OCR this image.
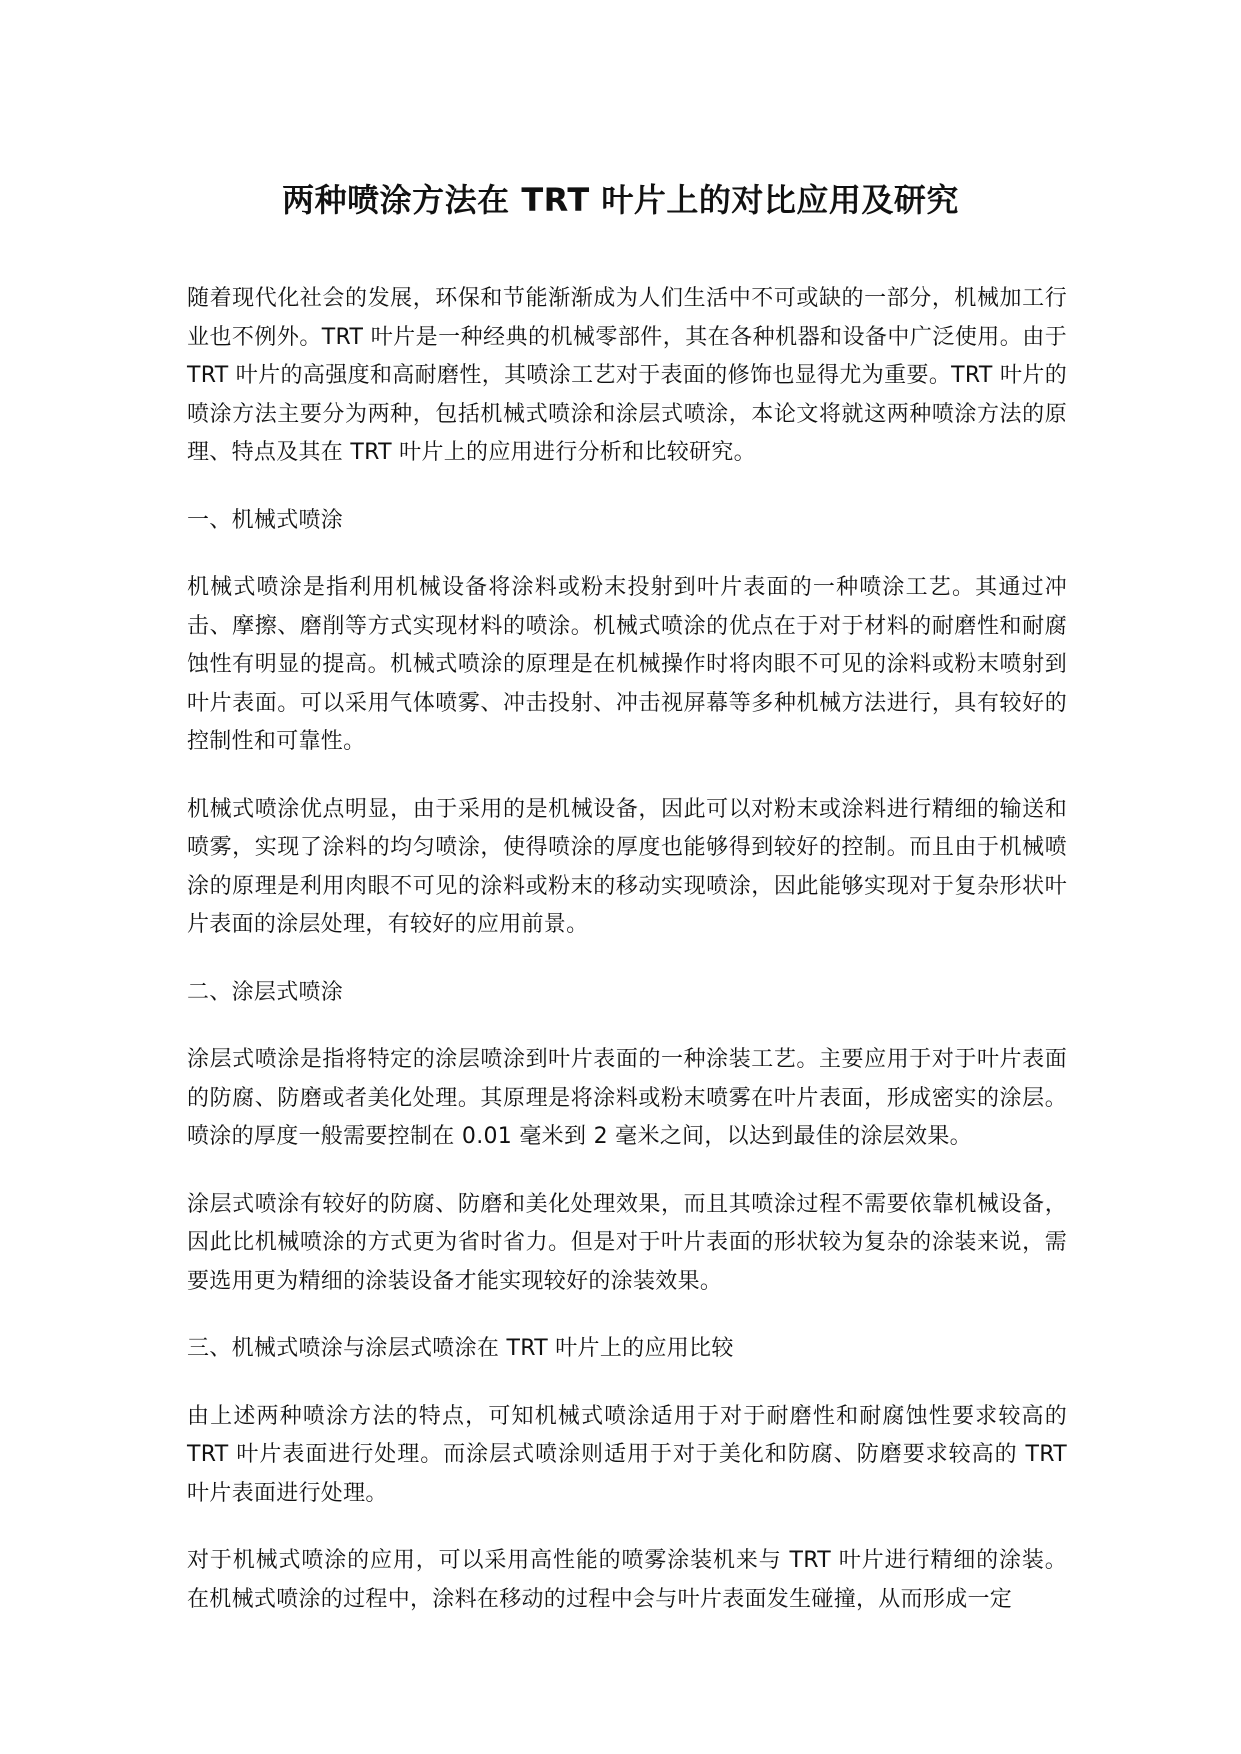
两种喷涂方法在 TRT 叶片上的对比应用及研究

随着现代化社会的发展，环保和节能渐渐成为人们生活中不可或缺的一部分，机械加工行业也不例外。TRT 叶片是一种经典的机械零部件，其在各种机器和设备中广泛使用。由于 TRT 叶片的高强度和高耐磨性，其喷涂工艺对于表面的修饰也显得尤为重要。TRT 叶片的喷涂方法主要分为两种，包括机械式喷涂和涂层式喷涂，本论文将就这两种喷涂方法的原理、特点及其在 TRT 叶片上的应用进行分析和比较研究。

一、机械式喷涂

机械式喷涂是指利用机械设备将涂料或粉末投射到叶片表面的一种喷涂工艺。其通过冲击、摩擦、磨削等方式实现材料的喷涂。机械式喷涂的优点在于对于材料的耐磨性和耐腐蚀性有明显的提高。机械式喷涂的原理是在机械操作时将肉眼不可见的涂料或粉末喷射到叶片表面。可以采用气体喷雾、冲击投射、冲击视屏幕等多种机械方法进行，具有较好的控制性和可靠性。

机械式喷涂优点明显，由于采用的是机械设备，因此可以对粉末或涂料进行精细的输送和喷雾，实现了涂料的均匀喷涂，使得喷涂的厚度也能够得到较好的控制。而且由于机械喷涂的原理是利用肉眼不可见的涂料或粉末的移动实现喷涂，因此能够实现对于复杂形状叶片表面的涂层处理，有较好的应用前景。

二、涂层式喷涂

涂层式喷涂是指将特定的涂层喷涂到叶片表面的一种涂装工艺。主要应用于对于叶片表面的防腐、防磨或者美化处理。其原理是将涂料或粉末喷雾在叶片表面，形成密实的涂层。喷涂的厚度一般需要控制在 0.01 毫米到 2 毫米之间，以达到最佳的涂层效果。

涂层式喷涂有较好的防腐、防磨和美化处理效果，而且其喷涂过程不需要依靠机械设备，因此比机械喷涂的方式更为省时省力。但是对于叶片表面的形状较为复杂的涂装来说，需要选用更为精细的涂装设备才能实现较好的涂装效果。

三、机械式喷涂与涂层式喷涂在 TRT 叶片上的应用比较

由上述两种喷涂方法的特点，可知机械式喷涂适用于对于耐磨性和耐腐蚀性要求较高的 TRT 叶片表面进行处理。而涂层式喷涂则适用于对于美化和防腐、防磨要求较高的 TRT 叶片表面进行处理。

对于机械式喷涂的应用，可以采用高性能的喷雾涂装机来与 TRT 叶片进行精细的涂装。在机械式喷涂的过程中，涂料在移动的过程中会与叶片表面发生碰撞，从而形成一定
